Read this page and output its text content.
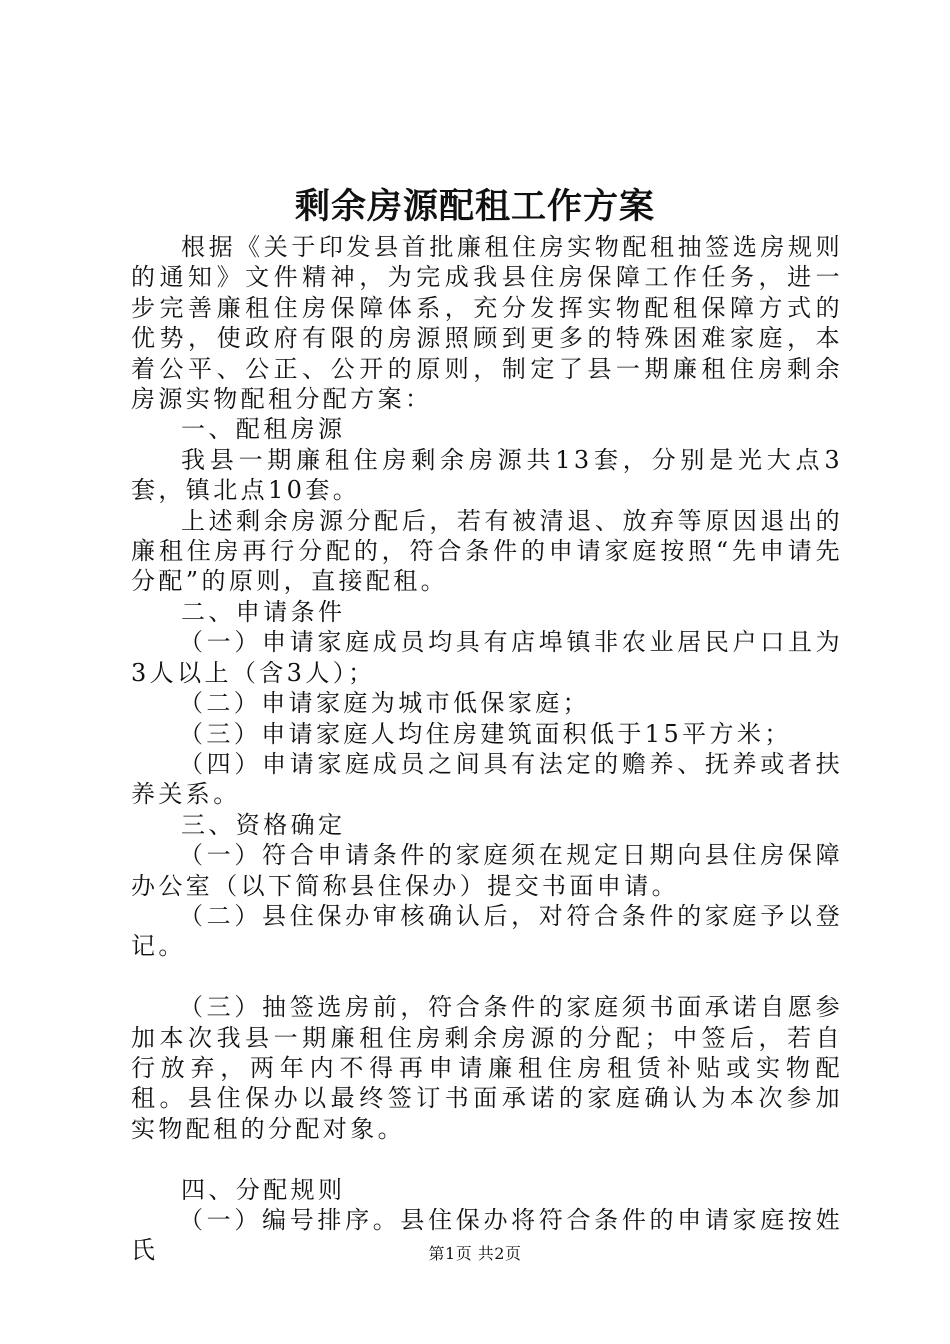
剩余房源配租工作方案

根据《关于印发县首批廉租住房实物配租抽签选房规则的通知》文件精神，为完成我县住房保障工作任务，进一步完善廉租住房保障体系，充分发挥实物配租保障方式的优势，使政府有限的房源照顾到更多的特殊困难家庭，本着公平、公正、公开的原则，制定了县一期廉租住房剩余房源实物配租分配方案：

一、配租房源

我县一期廉租住房剩余房源共13套，分别是光大点3套，镇北点10套。

上述剩余房源分配后，若有被清退、放弃等原因退出的廉租住房再行分配的，符合条件的申请家庭按照“先申请先分配”的原则，直接配租。

二、申请条件

（一）申请家庭成员均具有店埠镇非农业居民户口且为3人以上（含3人）；

（二）申请家庭为城市低保家庭；

（三）申请家庭人均住房建筑面积低于15平方米；

（四）申请家庭成员之间具有法定的赡养、抚养或者扶养关系。

三、资格确定

（一）符合申请条件的家庭须在规定日期向县住房保障办公室（以下简称县住保办）提交书面申请。

（二）县住保办审核确认后，对符合条件的家庭予以登记。

（三）抽签选房前，符合条件的家庭须书面承诺自愿参加本次我县一期廉租住房剩余房源的分配；中签后，若自行放弃，两年内不得再申请廉租住房租赁补贴或实物配租。县住保办以最终签订书面承诺的家庭确认为本次参加实物配租的分配对象。

四、分配规则

（一）编号排序。县住保办将符合条件的申请家庭按姓氏	第1页 共2页
